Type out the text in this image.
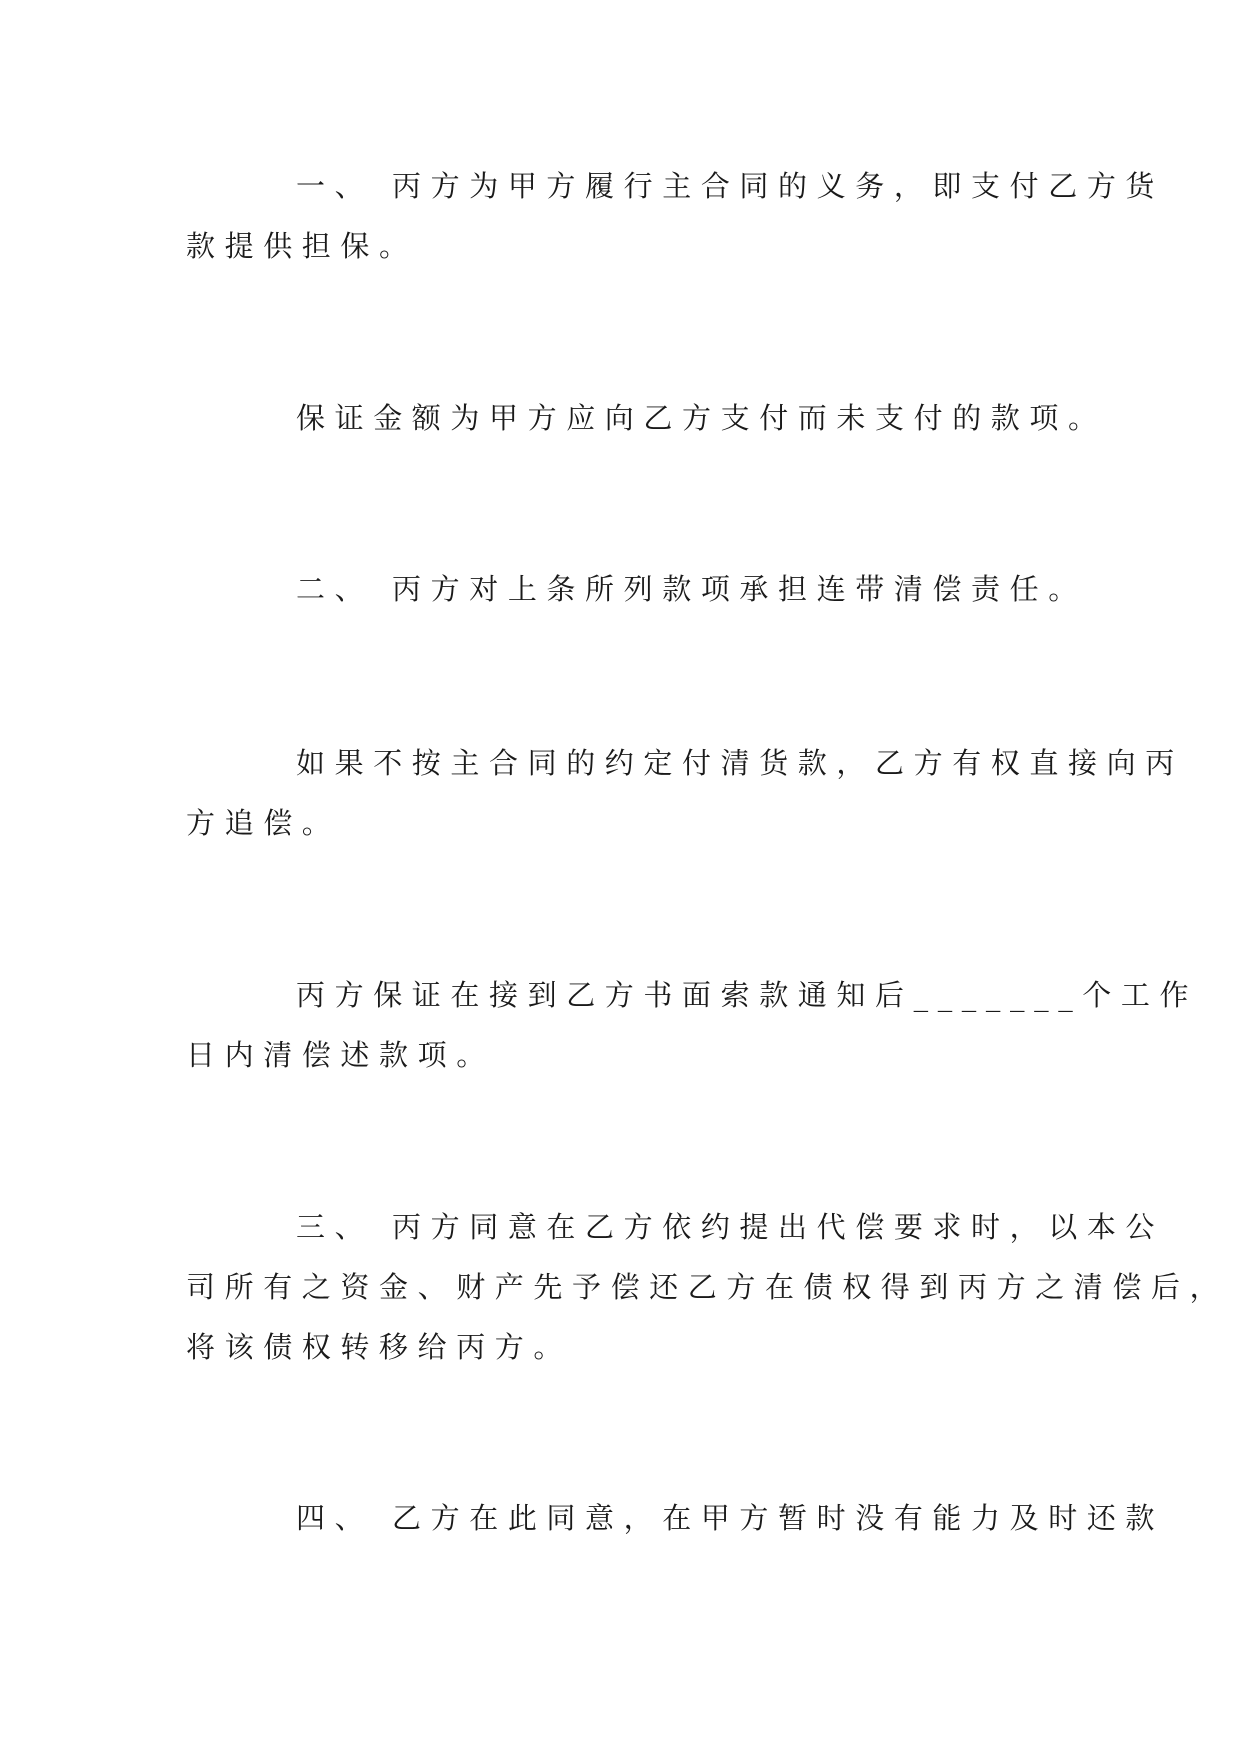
一、 丙方为甲方履行主合同的义务，即支付乙方货

款提供担保。

保证金额为甲方应向乙方支付而未支付的款项。

二、 丙方对上条所列款项承担连带清偿责任。

如果不按主合同的约定付清货款，乙方有权直接向丙

方追偿。

丙方保证在接到乙方书面索款通知后_______个工作

日内清偿述款项。

三、 丙方同意在乙方依约提出代偿要求时，以本公

司所有之资金、财产先予偿还乙方在债权得到丙方之清偿后，

将该债权转移给丙方。

四、 乙方在此同意，在甲方暂时没有能力及时还款
